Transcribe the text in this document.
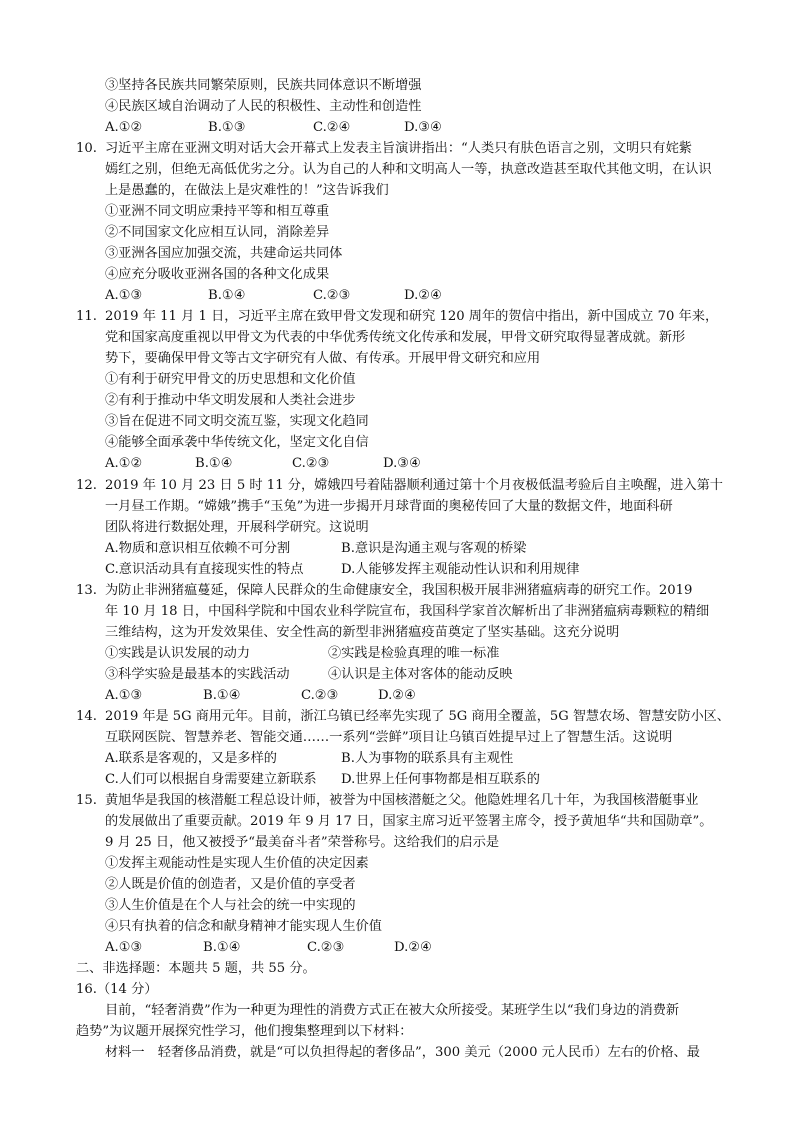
③坚持各民族共同繁荣原则，民族共同体意识不断增强
④民族区域自治调动了人民的积极性、主动性和创造性
A.①②	B.①③	C.②④	D.③④
10. 习近平主席在亚洲文明对话大会开幕式上发表主旨演讲指出：“人类只有肤色语言之别，文明只有姹紫
嫣红之别，但绝无高低优劣之分。认为自己的人种和文明高人一等，执意改造甚至取代其他文明，在认识
上是愚蠢的，在做法上是灾难性的！”这告诉我们
①亚洲不同文明应秉持平等和相互尊重
②不同国家文化应相互认同，消除差异
③亚洲各国应加强交流，共建命运共同体
④应充分吸收亚洲各国的各种文化成果
A.①③	B.①④	C.②③	D.②④
11. 2019 年 11 月 1 日，习近平主席在致甲骨文发现和研究 120 周年的贺信中指出，新中国成立 70 年来，
党和国家高度重视以甲骨文为代表的中华优秀传统文化传承和发展，甲骨文研究取得显著成就。新形
势下，要确保甲骨文等古文字研究有人做、有传承。开展甲骨文研究和应用
①有利于研究甲骨文的历史思想和文化价值
②有利于推动中华文明发展和人类社会进步
③旨在促进不同文明交流互鉴，实现文化趋同
④能够全面承袭中华传统文化，坚定文化自信
A.①②	B.①④	C.②③	D.③④
12. 2019 年 10 月 23 日 5 时 11 分，嫦娥四号着陆器顺利通过第十个月夜极低温考验后自主唤醒，进入第十
一月昼工作期。“嫦娥”携手“玉兔”为进一步揭开月球背面的奥秘传回了大量的数据文件，地面科研
团队将进行数据处理，开展科学研究。这说明
A.物质和意识相互依赖不可分割	B.意识是沟通主观与客观的桥梁
C.意识活动具有直接现实性的特点	D.人能够发挥主观能动性认识和利用规律
13. 为防止非洲猪瘟蔓延，保障人民群众的生命健康安全，我国积极开展非洲猪瘟病毒的研究工作。2019
年 10 月 18 日，中国科学院和中国农业科学院宣布，我国科学家首次解析出了非洲猪瘟病毒颗粒的精细
三维结构，这为开发效果佳、安全性高的新型非洲猪瘟疫苗奠定了坚实基础。这充分说明
①实践是认识发展的动力	②实践是检验真理的唯一标准
③科学实验是最基本的实践活动	④认识是主体对客体的能动反映
A.①③	B.①④	C.②③	D.②④
14. 2019 年是 5G 商用元年。目前，浙江乌镇已经率先实现了 5G 商用全覆盖，5G 智慧农场、智慧安防小区、
互联网医院、智慧养老、智能交通……一系列“尝鲜”项目让乌镇百姓提早过上了智慧生活。这说明
A.联系是客观的，又是多样的	B.人为事物的联系具有主观性
C.人们可以根据自身需要建立新联系 D.世界上任何事物都是相互联系的
15. 黄旭华是我国的核潜艇工程总设计师，被誉为中国核潜艇之父。他隐姓埋名几十年，为我国核潜艇事业
的发展做出了重要贡献。2019 年 9 月 17 日，国家主席习近平签署主席令，授予黄旭华“共和国勋章”。
9 月 25 日，他又被授予“最美奋斗者”荣誉称号。这给我们的启示是
①发挥主观能动性是实现人生价值的决定因素
②人既是价值的创造者，又是价值的享受者
③人生价值是在个人与社会的统一中实现的
④只有执着的信念和献身精神才能实现人生价值
A.①③	B.①④	C.②③	D.②④
二、非选择题：本题共 5 题，共 55 分。
16.（14 分）
目前，“轻奢消费”作为一种更为理性的消费方式正在被大众所接受。某班学生以“我们身边的消费新
趋势”为议题开展探究性学习，他们搜集整理到以下材料：
材料一　轻奢侈品消费，就是“可以负担得起的奢侈品”，300 美元（2000 元人民币）左右的价格、最
